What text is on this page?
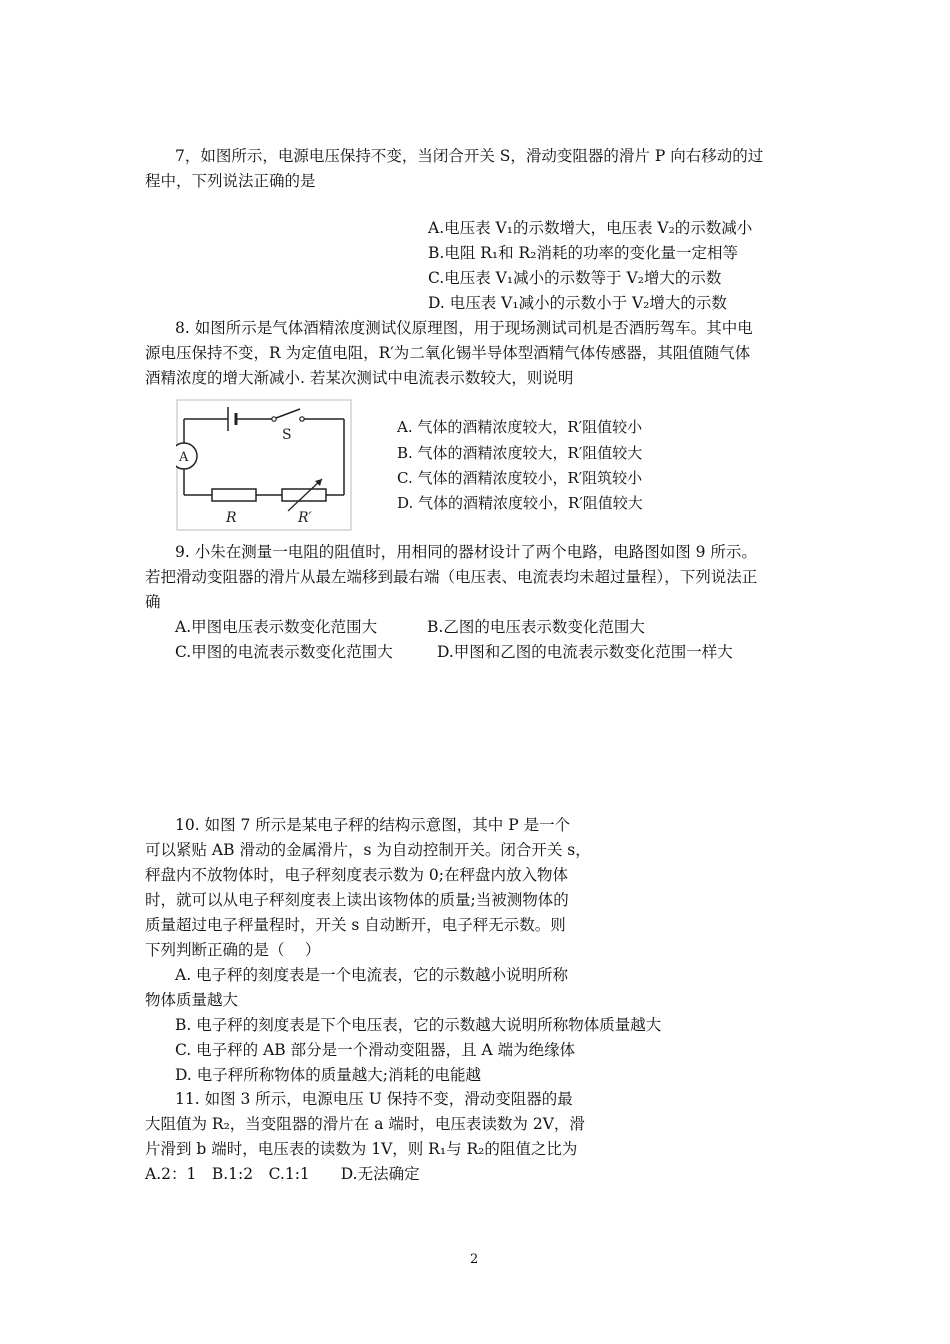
7，如图所示，电源电压保持不变，当闭合开关 S，滑动变阻器的滑片 P 向右移动的过
程中，下列说法正确的是
A.电压表 V₁的示数增大，电压表 V₂的示数减小
B.电阻 R₁和 R₂消耗的功率的变化量一定相等
C.电压表 V₁减小的示数等于 V₂增大的示数
D. 电压表 V₁减小的示数小于 V₂增大的示数
8. 如图所示是气体酒精浓度测试仪原理图，用于现场测试司机是否酒肟驾车。其中电
源电压保持不变，R 为定值电阻，R′为二氧化锡半导体型酒精气体传感器，其阻值随气体
酒精浓度的增大渐减小. 若某次测试中电流表示数较大，则说明
S
A
R	R′
A. 气体的酒精浓度较大，R′阻值较小
B. 气体的酒精浓度较大，R′阻值较大
C. 气体的酒精浓度较小，R′阻筑较小
D. 气体的酒精浓度较小，R′阻值较大
9. 小朱在测量一电阻的阻值时，用相同的器材设计了两个电路，电路图如图 9 所示。
若把滑动变阻器的滑片从最左端移到最右端（电压表、电流表均未超过量程），下列说法正
确
A.甲图电压表示数变化范围大	B.乙图的电压表示数变化范围大
C.甲图的电流表示数变化范围大	D.甲图和乙图的电流表示数变化范围一样大
10. 如图 7 所示是某电子秤的结构示意图，其中 P 是一个
可以紧贴 AB 滑动的金属滑片，s 为自动控制开关。闭合开关 s，
秤盘内不放物体时，电子秤刻度表示数为 0;在秤盘内放入物体
时，就可以从电子秤刻度表上读出该物体的质量;当被测物体的
质量超过电子秤量程时，开关 s 自动断开，电子秤无示数。则
下列判断正确的是（　 ）
A. 电子秤的刻度表是一个电流表，它的示数越小说明所称
物体质量越大
B. 电子秤的刻度表是下个电压表，它的示数越大说明所称物体质量越大
C. 电子秤的 AB 部分是一个滑动变阻器，且 A 端为绝缘体
D. 电子秤所称物体的质量越大;消耗的电能越
11. 如图 3 所示，电源电压 U 保持不变，滑动变阻器的最
大阻值为 R₂，当变阻器的滑片在 a 端时，电压表读数为 2V，滑
片滑到 b 端时，电压表的读数为 1V，则 R₁与 R₂的阻值之比为
A.2：1　B.1:2　C.1:1　　D.无法确定
2
